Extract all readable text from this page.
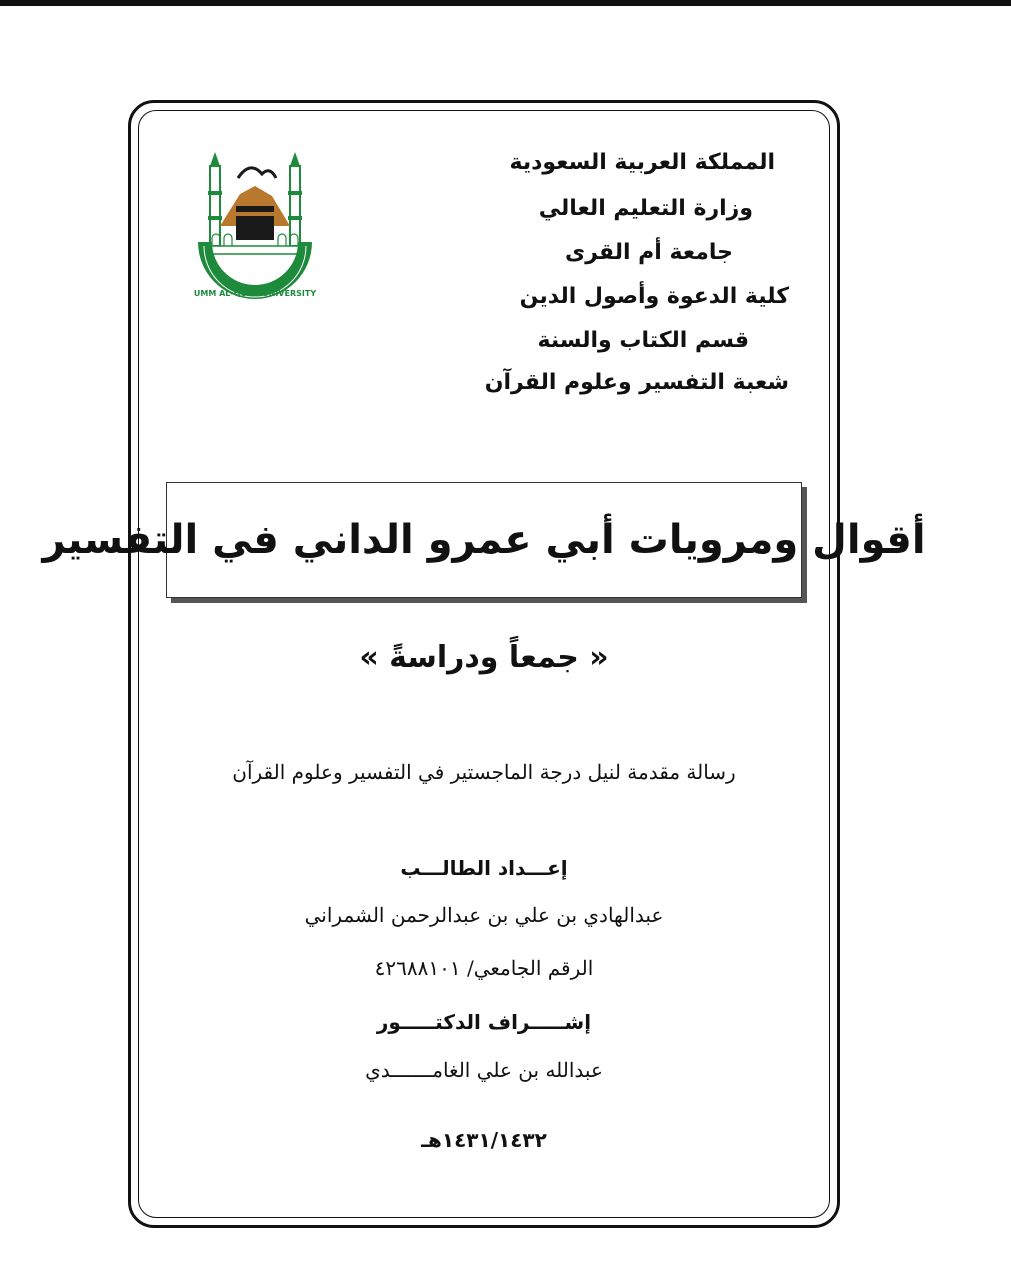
المملكة العربية السعودية
وزارة التعليم العالي
جامعة أم القرى
كلية الدعوة وأصول الدين
قسم الكتاب والسنة
شعبة التفسير وعلوم القرآن
UMM AL-QURA UNIVERSITY
أقوال ومرويات أبي عمرو الداني في التفسير
« جمعاً ودراسةً »
رسالة مقدمة لنيل درجة الماجستير في التفسير وعلوم القرآن
إعـــداد الطالـــب
عبدالهادي بن علي بن عبدالرحمن الشمراني
الرقم الجامعي/ ٤٢٦٨٨١٠١
إشـــــراف الدكتـــــور
عبدالله بن علي الغامـــــــدي
١٤٣١/١٤٣٢هـ
